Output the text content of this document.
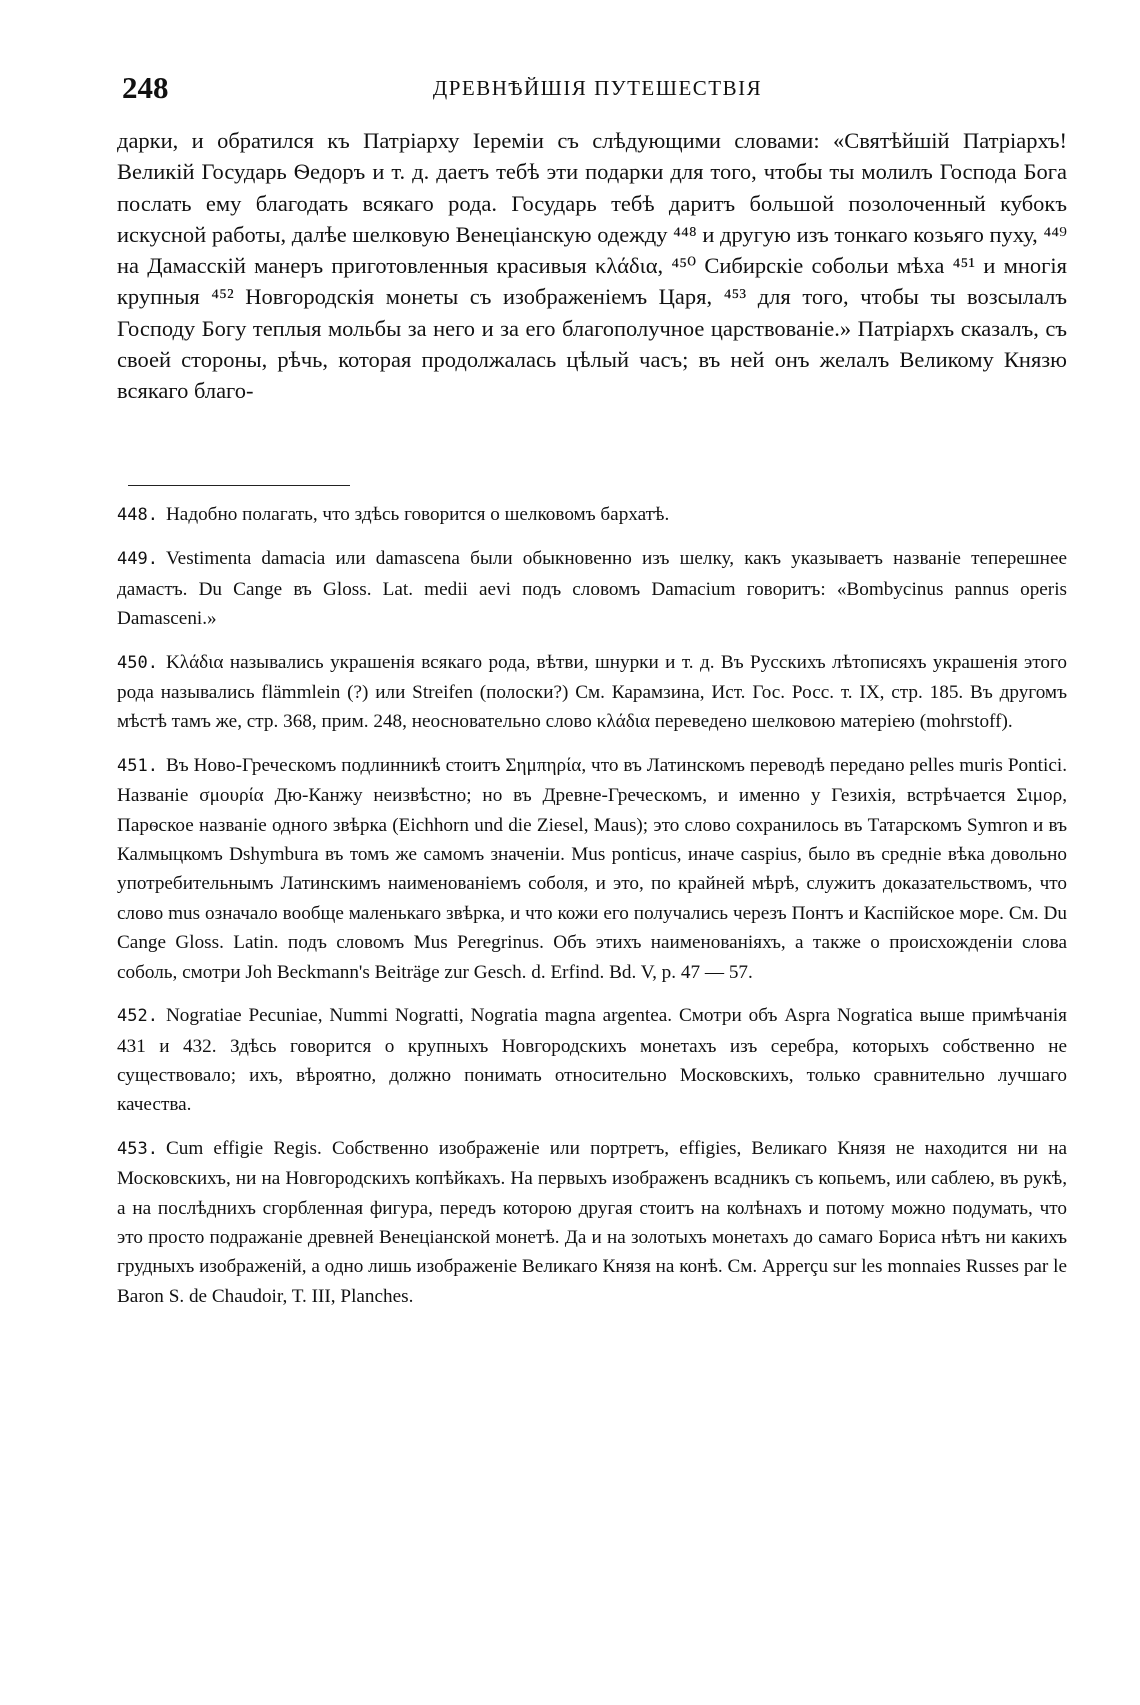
248	ДРЕВНѢЙШІЯ ПУТЕШЕСТВІЯ

дарки, и обратился къ Патріарху Іереміи съ слѣдующими словами: «Святѣйшій Патріархъ! Великій Государь Ѳедоръ и т. д. даетъ тебѣ эти подарки для того, чтобы ты молилъ Господа Бога послать ему благодать всякаго рода. Государь тебѣ даритъ большой позолоченный кубокъ искусной работы, далѣе шелковую Венеціанскую одежду ⁴⁴⁸ и другую изъ тонкаго козьяго пуху, ⁴⁴⁹ на Дамасскій манеръ приготовленныя красивыя κλάδια, ⁴⁵⁰ Сибирскіе собольи мѣха ⁴⁵¹ и многія крупныя ⁴⁵² Новгородскія монеты съ изображеніемъ Царя, ⁴⁵³ для того, чтобы ты возсылалъ Господу Богу теплыя мольбы за него и за его благополучное царствованіе.» Патріархъ сказалъ, съ своей стороны, рѣчь, которая продолжалась цѣлый часъ; въ ней онъ желалъ Великому Князю всякаго благо-

448. Надобно полагать, что здѣсь говорится о шелковомъ бархатѣ.

449. Vestimenta damacia или damascena были обыкновенно изъ шелку, какъ указываетъ названіе теперешнее дамастъ. Du Cange въ Gloss. Lat. medii aevi подъ словомъ Damacium говоритъ: «Bombycinus pannus operis Damasceni.»

450. Κλάδια назывались украшенія всякаго рода, вѣтви, шнурки и т. д. Въ Русскихъ лѣтописяхъ украшенія этого рода назывались flämmlein (?) или Streifen (полоски?) См. Карамзина, Ист. Гос. Росс. т. IX, стр. 185. Въ другомъ мѣстѣ тамъ же, стр. 368, прим. 248, неосновательно слово κλάδια переведено шелковою матеріею (mohrstoff).

451. Въ Ново-Греческомъ подлинникѣ стоитъ Σημπηρία, что въ Латинскомъ переводѣ передано pelles muris Pontici. Названіе σμουρία Дю-Канжу неизвѣстно; но въ Древне-Греческомъ, и именно у Гезихія, встрѣчается Σιμορ, Парѳское названіе одного звѣрка (Eichhorn und die Ziesel, Maus); это слово сохранилось въ Татарскомъ Symron и въ Калмыцкомъ Dshymbura въ томъ же самомъ значеніи. Mus ponticus, иначе caspius, было въ средніе вѣка довольно употребительнымъ Латинскимъ наименованіемъ соболя, и это, по крайней мѣрѣ, служитъ доказательствомъ, что слово mus означало вообще маленькаго звѣрка, и что кожи его получались черезъ Понтъ и Каспійское море. См. Du Cange Gloss. Latin. подъ словомъ Mus Peregrinus. Объ этихъ наименованіяхъ, а также о происхожденіи слова соболь, смотри Joh Beckmann's Beiträge zur Gesch. d. Erfind. Bd. V, p. 47 — 57.

452. Nogratiae Pecuniae, Nummi Nogratti, Nogratia magna argentea. Смотри объ Aspra Nogratica выше примѣчанія 431 и 432. Здѣсь говорится о крупныхъ Новгородскихъ монетахъ изъ серебра, которыхъ собственно не существовало; ихъ, вѣроятно, должно понимать относительно Московскихъ, только сравнительно лучшаго качества.

453. Cum effigie Regis. Собственно изображеніе или портретъ, effigies, Великаго Князя не находится ни на Московскихъ, ни на Новгородскихъ копѣйкахъ. На первыхъ изображенъ всадникъ съ копьемъ, или саблею, въ рукѣ, а на послѣднихъ сгорбленная фигура, передъ которою другая стоитъ на колѣнахъ и потому можно подумать, что это просто подражаніе древней Венеціанской монетѣ. Да и на золотыхъ монетахъ до самаго Бориса нѣтъ ни какихъ грудныхъ изображеній, а одно лишь изображеніе Великаго Князя на конѣ. См. Apperçu sur les monnaies Russes par le Baron S. de Chaudoir, T. III, Planches.
